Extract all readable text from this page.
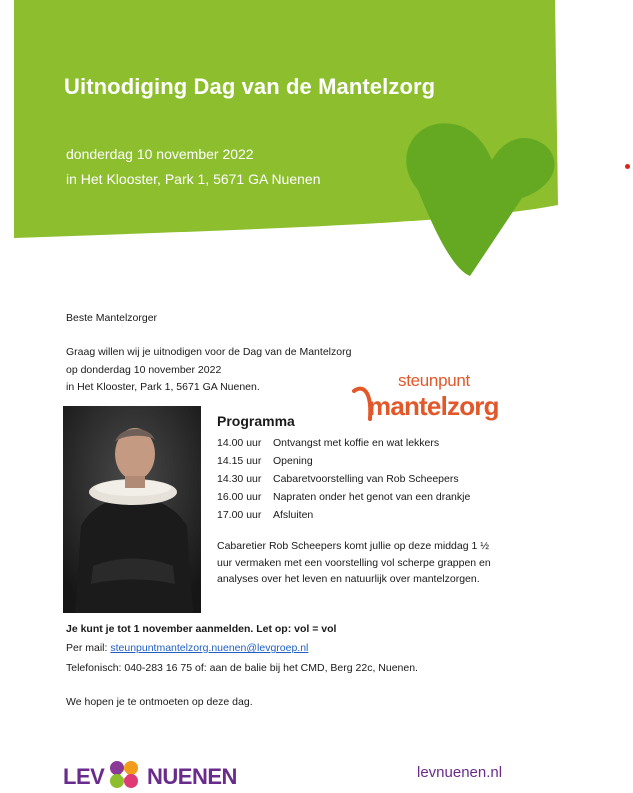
Uitnodiging Dag van de Mantelzorg
donderdag 10 november 2022
in Het Klooster, Park 1, 5671 GA Nuenen
Beste Mantelzorger
Graag willen wij je uitnodigen voor de Dag van de Mantelzorg
op donderdag 10 november 2022
in Het Klooster, Park 1, 5671 GA Nuenen.	steunpunt
mantelzorg
Programma
14.00 uur	Ontvangst met koffie en wat lekkers
14.15 uur	Opening
14.30 uur	Cabaretvoorstelling van Rob Scheepers
16.00 uur	Napraten onder het genot van een drankje
17.00 uur	Afsluiten
Cabaretier Rob Scheepers komt jullie op deze middag 1 ½
uur vermaken met een voorstelling vol scherpe grappen en
analyses over het leven en natuurlijk over mantelzorgen.
Je kunt je tot 1 november aanmelden. Let op: vol = vol
Per mail: steunpuntmantelzorg.nuenen@levgroep.nl
Telefonisch: 040-283 16 75 of: aan de balie bij het CMD, Berg 22c, Nuenen.
We hopen je te ontmoeten op deze dag.
LEV NUENEN	levnuenen.nl
